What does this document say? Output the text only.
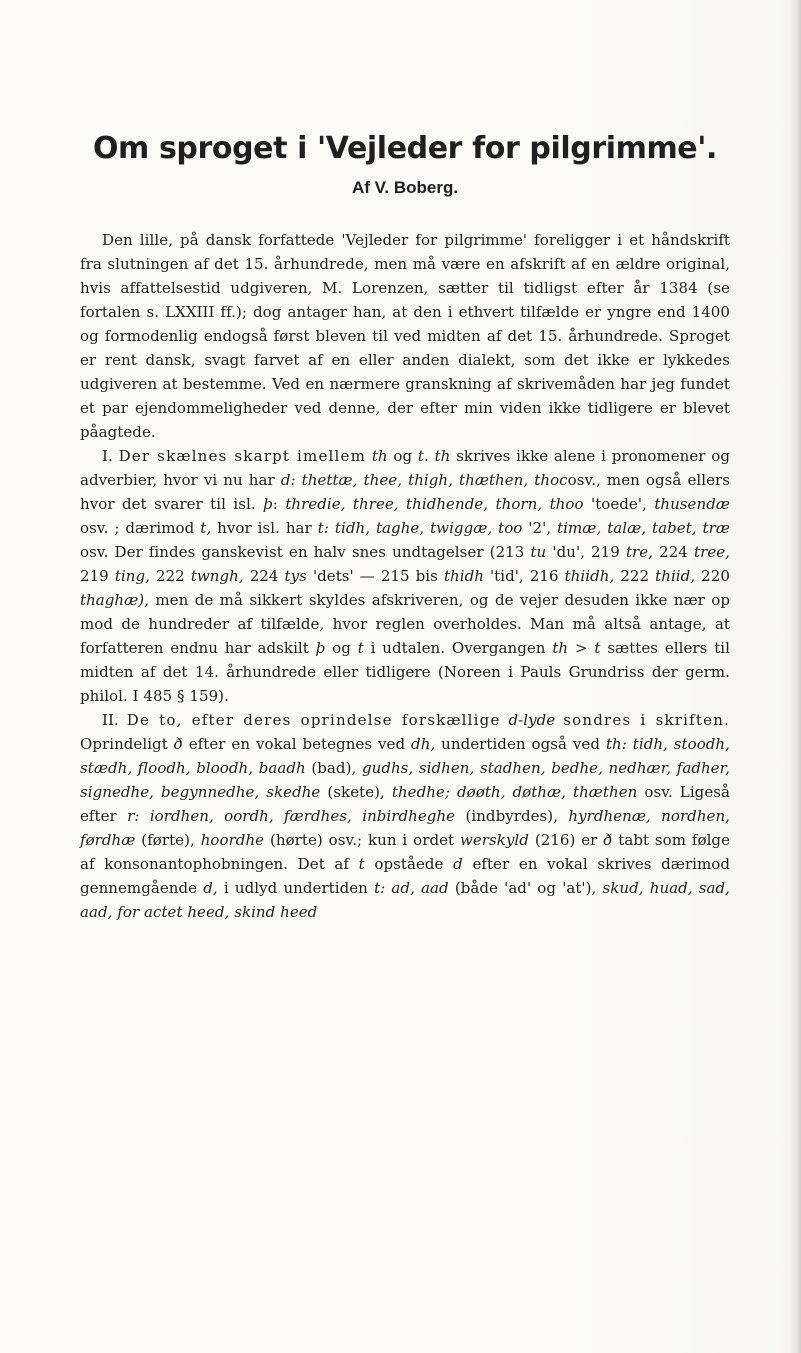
Om sproget i 'Vejleder for pilgrimme'.
Af V. Boberg.

Den lille, på dansk forfattede 'Vejleder for pilgrimme' foreligger i et håndskrift fra slutningen af det 15. århundrede, men må være en afskrift af en ældre original, hvis affattelsestid udgiveren, M. Lorenzen, sætter til tidligst efter år 1384 (se fortalen s. LXXIII ff.); dog antager han, at den i ethvert tilfælde er yngre end 1400 og formodenlig endogså først bleven til ved midten af det 15. århundrede. Sproget er rent dansk, svagt farvet af en eller anden dialekt, som det ikke er lykkedes udgiveren at bestemme. Ved en nærmere granskning af skrivemåden har jeg fundet et par ejendommeligheder ved denne, der efter min viden ikke tidligere er blevet påagtede.

I. Der skælnes skarpt imellem th og t. th skrives ikke alene i pronomener og adverbier, hvor vi nu har d: thettæ, thee, thigh, thæthen, thocosv., men også ellers hvor det svarer til isl. þ: thredie, three, thidhende, thorn, thoo 'toede', thusendæ osv. ; dærimod t, hvor isl. har t: tidh, taghe, twiggæ, too '2', timæ, talæ, tabet, træ osv. Der findes ganskevist en halv snes undtagelser (213 tu 'du', 219 tre, 224 tree, 219 ting, 222 twngh, 224 tys 'dets' — 215 bis thidh 'tid', 216 thiidh, 222 thiid, 220 thaghæ), men de må sikkert skyldes afskriveren, og de vejer desuden ikke nær op mod de hundreder af tilfælde, hvor reglen overholdes. Man må altså antage, at forfatteren endnu har adskilt þ og t i udtalen. Overgangen th > t sættes ellers til midten af det 14. århundrede eller tidligere (Noreen i Pauls Grundriss der germ. philol. I 485 § 159).

II. De to, efter deres oprindelse forskællige d-lyde sondres i skriften. Oprindeligt ð efter en vokal betegnes ved dh, undertiden også ved th: tidh, stoodh, stædh, floodh, bloodh, baadh (bad), gudhs, sidhen, stadhen, bedhe, nedhær, fadher, signedhe, begynnedhe, skedhe (skete), thedhe; døøth, døthæ, thæthen osv. Ligeså efter r: iordhen, oordh, færdhes, inbirdheghe (indbyrdes), hyrdhenæ, nordhen, førdhæ (førte), hoordhe (hørte) osv.; kun i ordet werskyld (216) er ð tabt som følge af konsonantophobningen. Det af t opståede d efter en vokal skrives dærimod gennemgående d, i udlyd undertiden t: ad, aad (både 'ad' og 'at'), skud, huad, sad, aad, for actet heed, skind heed
